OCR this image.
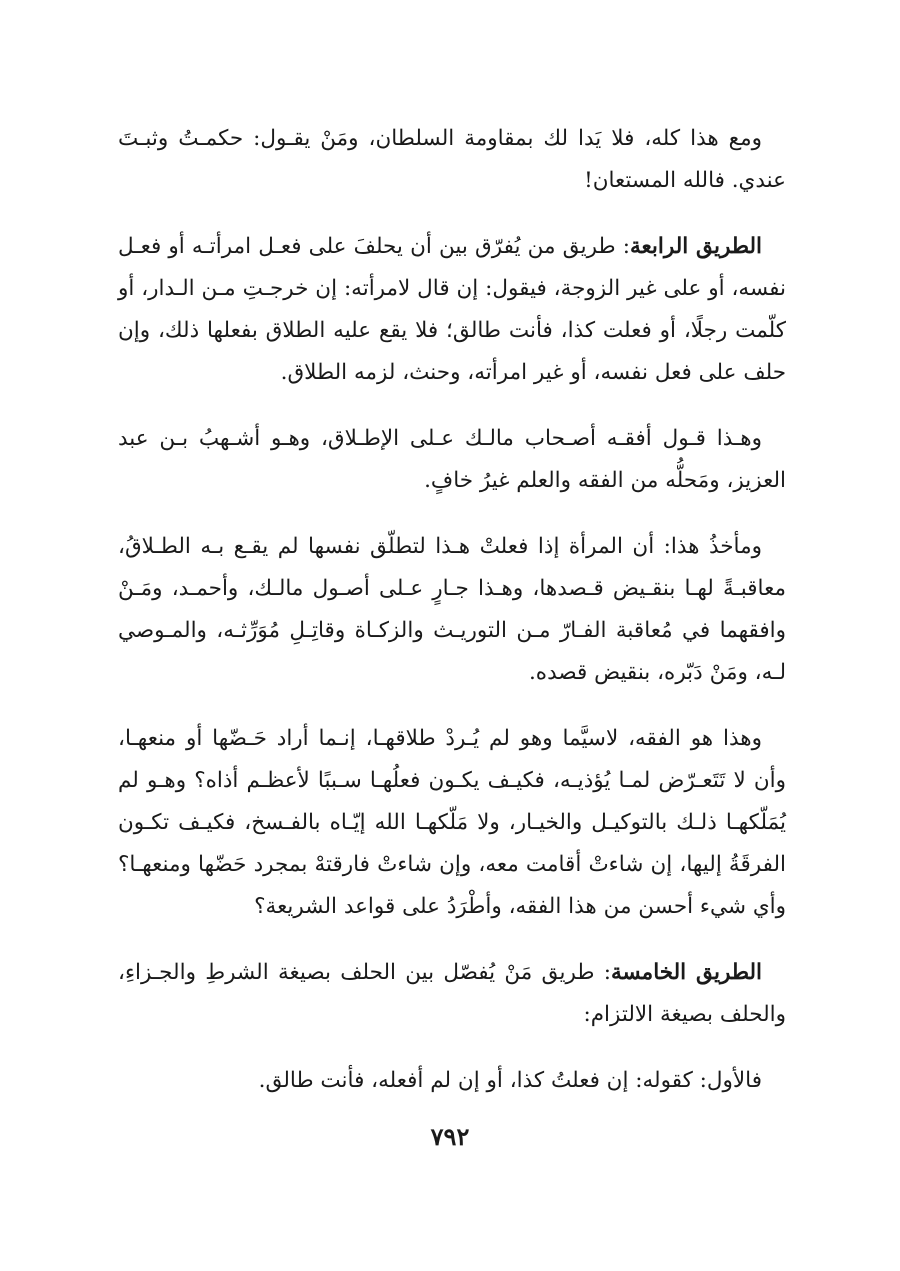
ومع هذا كله، فلا يَدا لك بمقاومة السلطان، ومَنْ يقـول: حكمـتُ وثبـتَ عندي. فالله المستعان!

الطريق الرابعة: طريق من يُفرّق بين أن يحلفَ على فعـل امرأتـه أو فعـل نفسه، أو على غير الزوجة، فيقول: إن قال لامرأته: إن خرجـتِ مـن الـدار، أو كلّمت رجلًا، أو فعلت كذا، فأنت طالق؛ فلا يقع عليه الطلاق بفعلها ذلك، وإن حلف على فعل نفسه، أو غير امرأته، وحنث، لزمه الطلاق.

وهـذا قـول أفقـه أصـحاب مالـك عـلى الإطـلاق، وهـو أشـهبُ بـن عبد العزيز، ومَحلُّه من الفقه والعلم غيرُ خافٍ.

ومأخذُ هذا: أن المرأة إذا فعلتْ هـذا لتطلّق نفسها لم يقـع بـه الطـلاقُ، معاقبـةً لهـا بنقـيض قـصدها، وهـذا جـارٍ عـلى أصـول مالـك، وأحمـد، ومَـنْ وافقهما في مُعاقبة الفـارّ مـن التوريـث والزكـاة وقاتِـلِ مُوَرِّثـه، والمـوصي لـه، ومَنْ دَبّره، بنقيض قصده.

وهذا هو الفقه، لاسيَّما وهو لم يُـردْ طلاقهـا، إنـما أراد حَـضّها أو منعهـا، وأن لا تَتَعـرّض لمـا يُؤذيـه، فكيـف يكـون فعلُهـا سـببًا لأعظـم أذاه؟ وهـو لم يُمَلّكهـا ذلـك بالتوكيـل والخيـار، ولا مَلّكهـا الله إيّـاه بالفـسخ، فكيـف تكـون الفرقَةُ إليها، إن شاءتْ أقامت معه، وإن شاءتْ فارقتهْ بمجرد حَضّها ومنعهـا؟ وأي شيء أحسن من هذا الفقه، وأطْرَدُ على قواعد الشريعة؟

الطريق الخامسة: طريق مَنْ يُفصّل بين الحلف بصيغة الشرطِ والجـزاءِ، والحلف بصيغة الالتزام:

فالأول: كقوله: إن فعلتُ كذا، أو إن لم أفعله، فأنت طالق.

٧٩٢
